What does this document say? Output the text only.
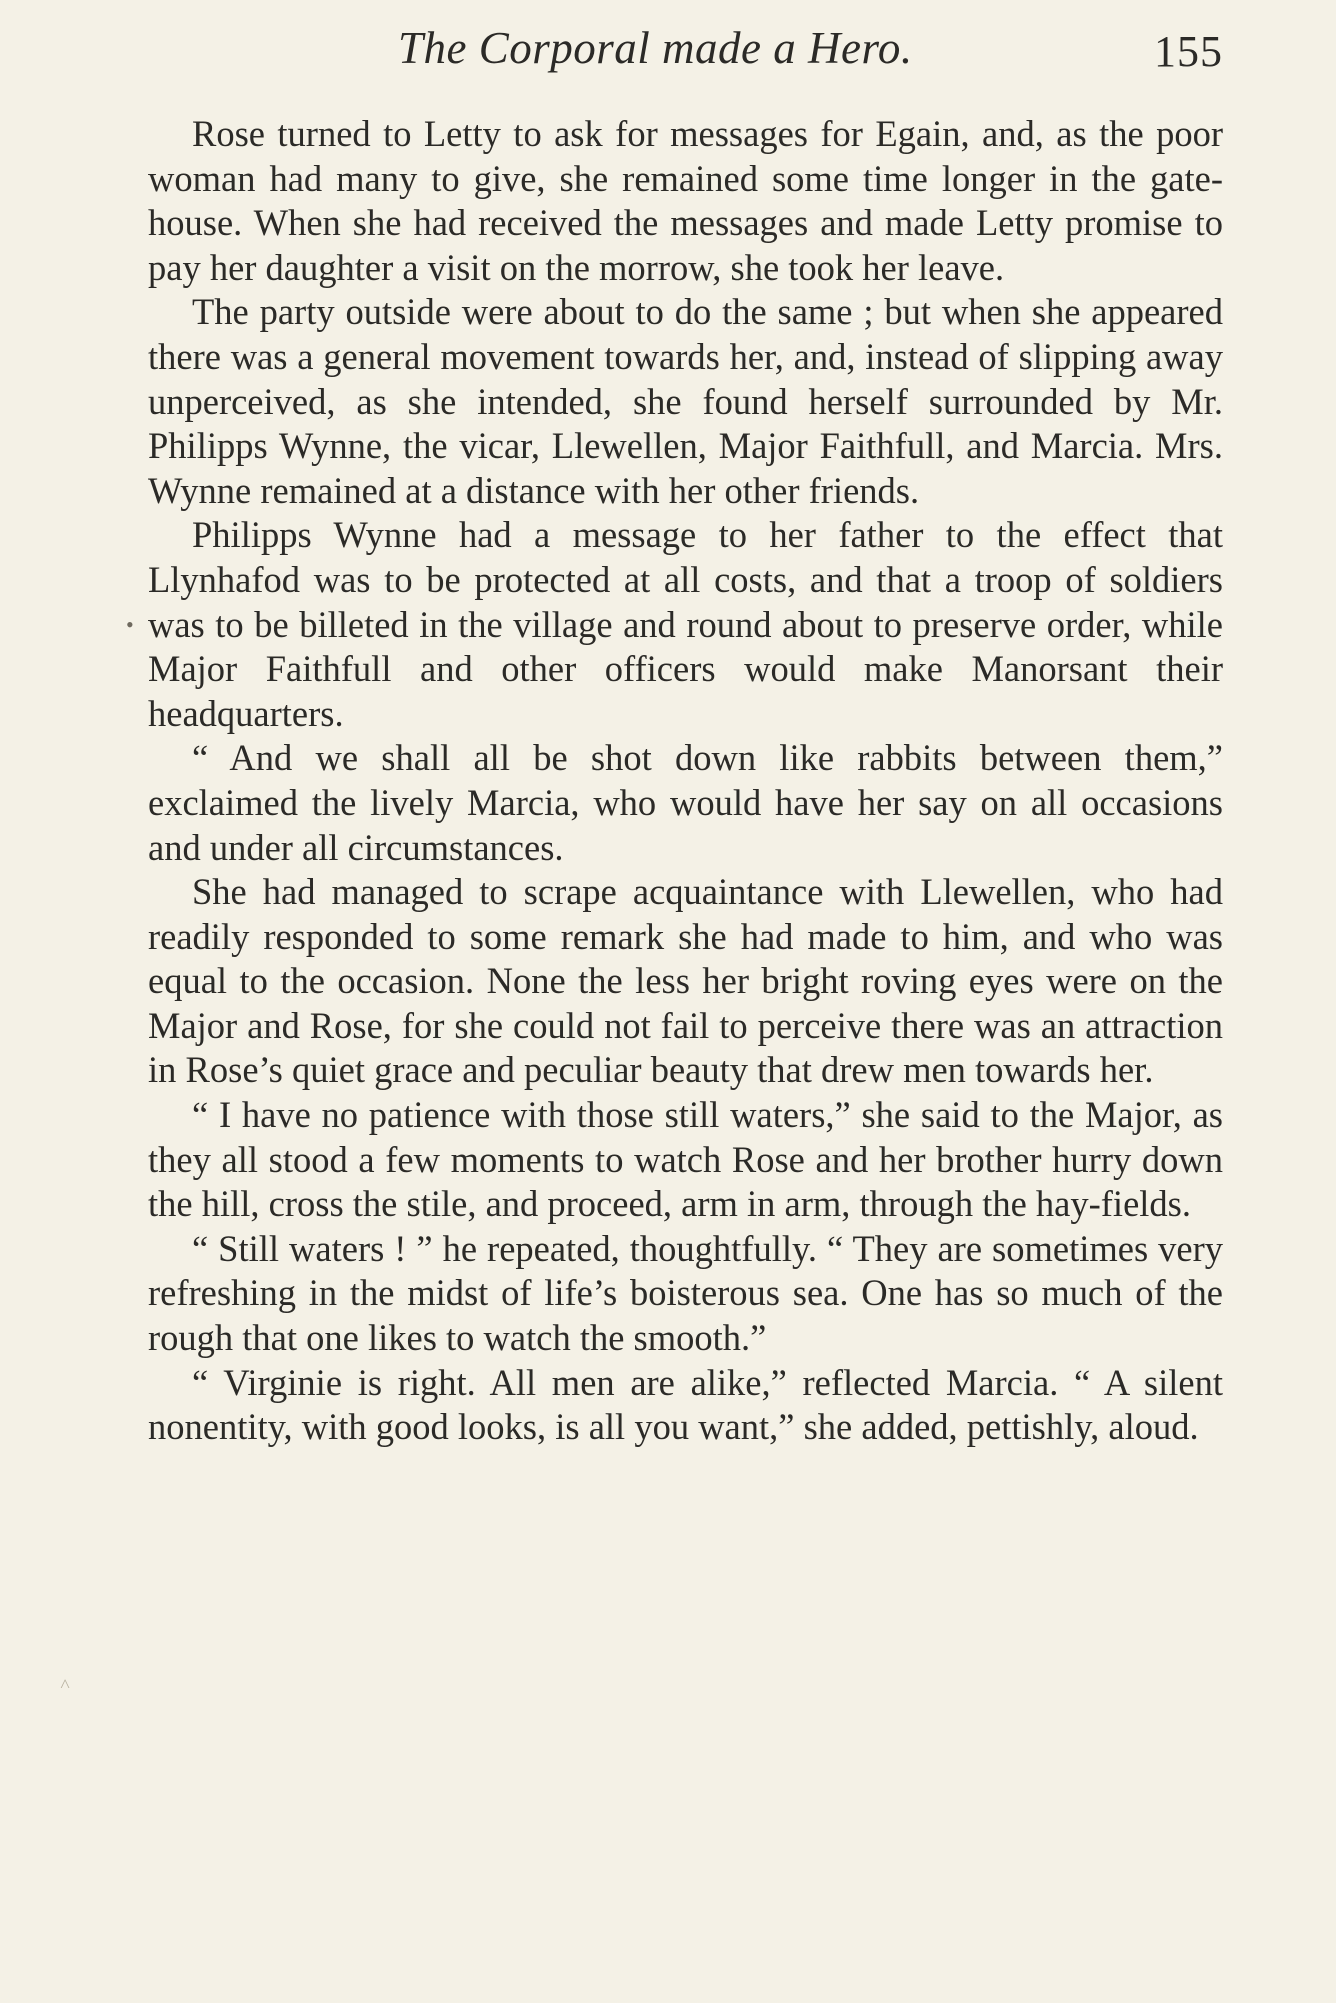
The Corporal made a Hero.	155
•
˄

Rose turned to Letty to ask for messages for Egain, and, as the poor woman had many to give, she remained some time longer in the gate-house. When she had received the messages and made Letty promise to pay her daughter a visit on the morrow, she took her leave.

The party outside were about to do the same ; but when she appeared there was a general movement towards her, and, instead of slipping away unperceived, as she intended, she found herself surrounded by Mr. Philipps Wynne, the vicar, Llewellen, Major Faithfull, and Marcia. Mrs. Wynne remained at a distance with her other friends.

Philipps Wynne had a message to her father to the effect that Llynhafod was to be protected at all costs, and that a troop of soldiers was to be billeted in the village and round about to preserve order, while Major Faithfull and other officers would make Manorsant their headquarters.

“ And we shall all be shot down like rabbits between them,” exclaimed the lively Marcia, who would have her say on all occasions and under all circumstances.

She had managed to scrape acquaintance with Llewellen, who had readily responded to some remark she had made to him, and who was equal to the occasion. None the less her bright roving eyes were on the Major and Rose, for she could not fail to perceive there was an attraction in Rose’s quiet grace and peculiar beauty that drew men towards her.

“ I have no patience with those still waters,” she said to the Major, as they all stood a few moments to watch Rose and her brother hurry down the hill, cross the stile, and proceed, arm in arm, through the hay-fields.

“ Still waters ! ” he repeated, thoughtfully. “ They are sometimes very refreshing in the midst of life’s boisterous sea. One has so much of the rough that one likes to watch the smooth.”

“ Virginie is right. All men are alike,” reflected Marcia. “ A silent nonentity, with good looks, is all you want,” she added, pettishly, aloud.
